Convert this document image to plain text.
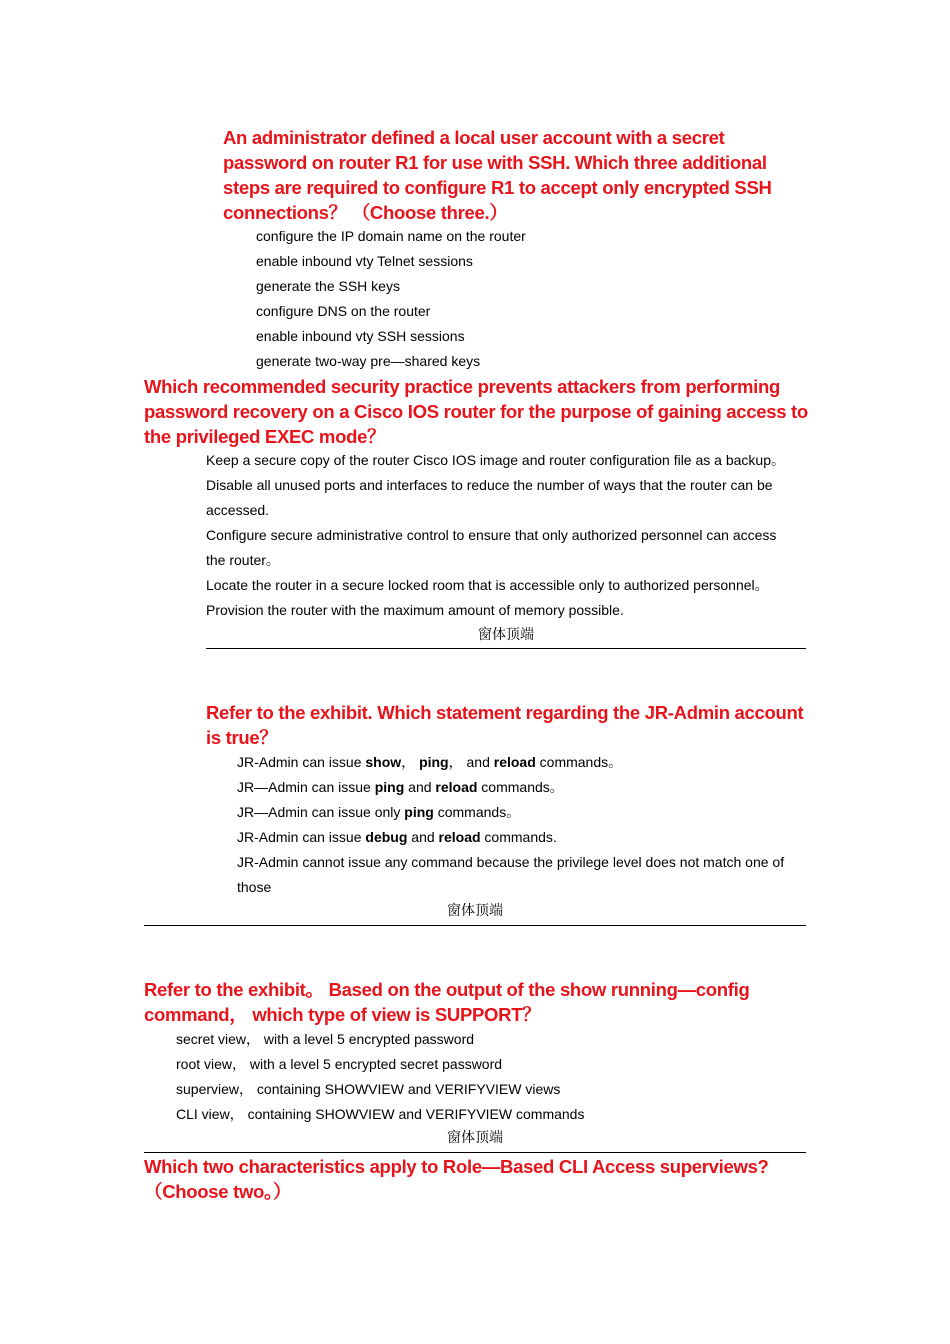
An administrator defined a local user account with a secret
password on router R1 for use with SSH. Which three additional
steps are required to configure R1 to accept only encrypted SSH
connections？ （Choose three.）
configure the IP domain name on the router
enable inbound vty Telnet sessions
generate the SSH keys
configure DNS on the router
enable inbound vty SSH sessions
generate two-way pre—shared keys
Which recommended security practice prevents attackers from performing
password recovery on a Cisco IOS router for the purpose of gaining access to
the privileged EXEC mode？
Keep a secure copy of the router Cisco IOS image and router configuration file as a backup。
Disable all unused ports and interfaces to reduce the number of ways that the router can be
accessed.
Configure secure administrative control to ensure that only authorized personnel can access
the router。
Locate the router in a secure locked room that is accessible only to authorized personnel。
Provision the router with the maximum amount of memory possible.
窗体顶端
Refer to the exhibit. Which statement regarding the JR-Admin account
is true？
JR-Admin can issue show， ping， and reload commands。
JR—Admin can issue ping and reload commands。
JR—Admin can issue only ping commands。
JR-Admin can issue debug and reload commands.
JR-Admin cannot issue any command because the privilege level does not match one of
those
窗体顶端
Refer to the exhibit。 Based on the output of the show running—config
command， which type of view is SUPPORT？
secret view， with a level 5 encrypted password
root view， with a level 5 encrypted secret password
superview， containing SHOWVIEW and VERIFYVIEW views
CLI view， containing SHOWVIEW and VERIFYVIEW commands
窗体顶端
Which two characteristics apply to Role—Based CLI Access superviews?
（Choose two。）
